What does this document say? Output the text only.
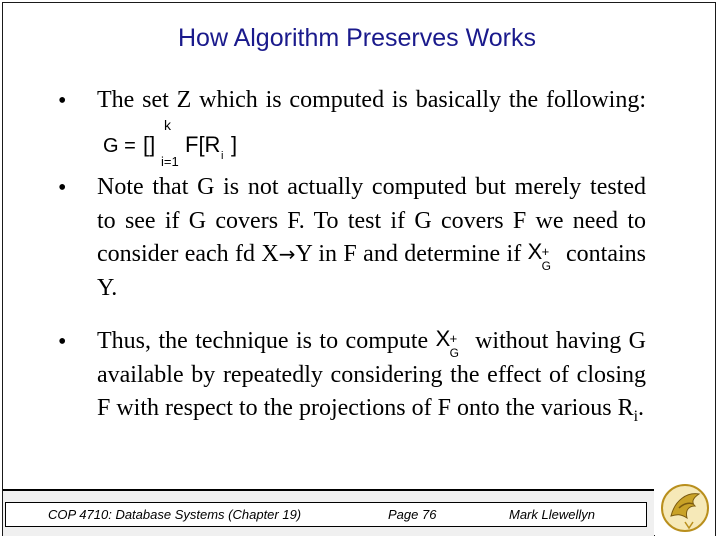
How Algorithm Preserves Works
• The set Z which is computed is basically the following:
G = []
k
i=1
F[R i ]
• Note that G is not actually computed but merely tested to see if G covers F. To test if G covers F we need to consider each fd X→Y in F and determine if X +
G contains Y.
• Thus, the technique is to compute X +
G without having G available by repeatedly considering the effect of closing F with respect to the projections of F onto the various $R_i$.
COP 4710: Database Systems (Chapter 19)	Page 76	Mark Llewellyn
